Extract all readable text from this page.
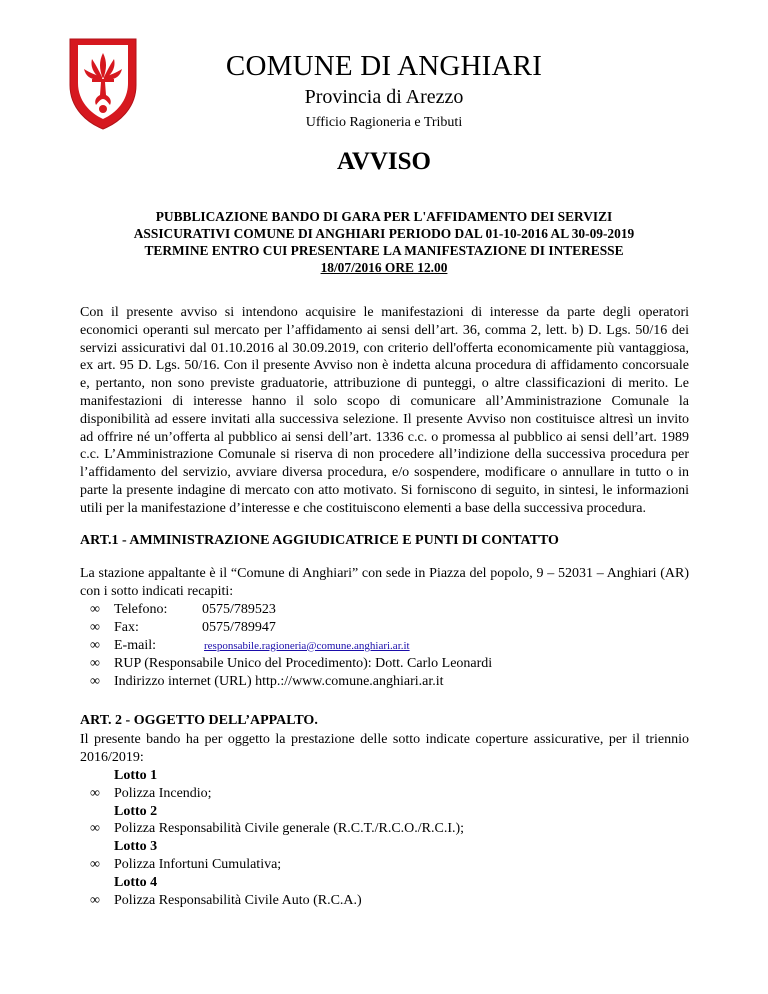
COMUNE DI ANGHIARI
Provincia di Arezzo
Ufficio Ragioneria e Tributi
AVVISO
PUBBLICAZIONE BANDO DI GARA PER L'AFFIDAMENTO DEI SERVIZI
ASSICURATIVI COMUNE DI ANGHIARI PERIODO DAL 01-10-2016 AL 30-09-2019
TERMINE ENTRO CUI PRESENTARE LA MANIFESTAZIONE DI INTERESSE
18/07/2016 ORE 12.00

Con il presente avviso si intendono acquisire le manifestazioni di interesse da parte degli operatori economici operanti sul mercato per l’affidamento ai sensi dell’art. 36, comma 2, lett. b) D. Lgs. 50/16 dei servizi assicurativi dal 01.10.2016 al 30.09.2019, con criterio dell'offerta economicamente più vantaggiosa, ex art. 95 D. Lgs. 50/16. Con il presente Avviso non è indetta alcuna procedura di affidamento concorsuale e, pertanto, non sono previste graduatorie, attribuzione di punteggi, o altre classificazioni di merito. Le manifestazioni di interesse hanno il solo scopo di comunicare all’Amministrazione Comunale la disponibilità ad essere invitati alla successiva selezione. Il presente Avviso non costituisce altresì un invito ad offrire né un’offerta al pubblico ai sensi dell’art. 1336 c.c. o promessa al pubblico ai sensi dell’art. 1989 c.c. L’Amministrazione Comunale si riserva di non procedere all’indizione della successiva procedura per l’affidamento del servizio, avviare diversa procedura, e/o sospendere, modificare o annullare in tutto o in parte la presente indagine di mercato con atto motivato. Si forniscono di seguito, in sintesi, le informazioni utili per la manifestazione d’interesse e che costituiscono elementi a base della successiva procedura.

ART.1 - AMMINISTRAZIONE AGGIUDICATRICE E PUNTI DI CONTATTO

La stazione appaltante è il “Comune di Anghiari” con sede in Piazza del popolo, 9 – 52031 – Anghiari (AR) con i sotto indicati recapiti:

∞ Telefono: 0575/789523
∞ Fax:	0575/789947
∞ E-mail:	responsabile.ragioneria@comune.anghiari.ar.it
∞ RUP (Responsabile Unico del Procedimento): Dott. Carlo Leonardi
∞ Indirizzo internet (URL) http.://www.comune.anghiari.ar.it

ART. 2 - OGGETTO DELL’APPALTO.

Il presente bando ha per oggetto la prestazione delle sotto indicate coperture assicurative, per il triennio 2016/2019:

Lotto 1
∞ Polizza Incendio;
Lotto 2
∞ Polizza Responsabilità Civile generale (R.C.T./R.C.O./R.C.I.);
Lotto 3
∞ Polizza Infortuni Cumulativa;
Lotto 4
∞ Polizza Responsabilità Civile Auto (R.C.A.)
